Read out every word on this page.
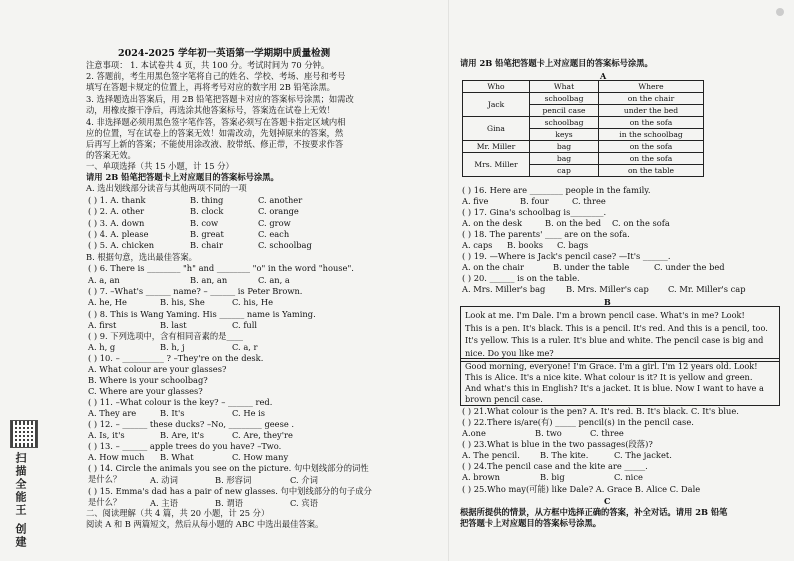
2024-2025 学年初一英语第一学期期中质量检测
注意事项： 1. 本试卷共 4 页，共 100 分。考试时间为 70 分钟。
2. 答题前，考生用黑色签字笔将自己的姓名、学校、考场、座号和考号
填写在答题卡规定的位置上，再将考号对应的数字用 2B 铅笔涂黑。
3. 选择题选出答案后，用 2B 铅笔把答题卡对应的答案标号涂黑；如需改
动，用橡皮擦干净后，再选涂其他答案标号，答案选在试卷上无效！
4. 非选择题必须用黑色签字笔作答，答案必须写在答题卡指定区域内相
应的位置，写在试卷上的答案无效！如需改动，先划掉原来的答案，然
后再写上新的答案；不能使用涂改液、胶带纸、修正带，不按要求作答
的答案无效。
一、单项选择（共 15 小题，计 15 分）
请用 2B 铅笔把答题卡上对应题目的答案标号涂黑。
A. 选出划线部分读音与其他两项不同的一项
( ) 1. A. thank	B. thing	C. another
( ) 2. A. other	B. clock	C. orange
( ) 3. A. down	B. cow	C. grow
( ) 4. A. please	B. great	C. each
( ) 5. A. chicken	B. chair	C. schoolbag
B. 根据句意，选出最佳答案。
( ) 6. There is ________ "h" and ________ "o" in the word "house".
A. a, an	B. an, an	C. an, a
( ) 7. –What's ______ name? – ______ is Peter Brown.
A. he, He	B. his, She	C. his, He
( ) 8. This is Wang Yaming. His ______ name is Yaming.
A. first	B. last	C. full
( ) 9. 下列选项中，含有相同音素的是____
A. h, g	B. h, j	C. a, r
( ) 10. – __________ ? –They're on the desk.
A. What colour are your glasses?
B. Where is your schoolbag?
C. Where are your glasses?
( ) 11. –What colour is the key? – ______ red.
A. They are	B. It's	C. He is
( ) 12. – ______ these ducks? –No, ________ geese .
A. Is, it's	B. Are, it's	C. Are, they're
( ) 13. – ______ apple trees do you have? –Two.
A. How much B. What	C. How many
( ) 14. Circle the animals you see on the picture. 句中划线部分的词性
是什么？	A. 动词	B. 形容词	C. 介词
( ) 15. Emma's dad has a pair of new glasses. 句中划线部分的句子成分
是什么？	A. 主语	B. 谓语	C. 宾语
二、阅读理解（共 4 篇，共 20 小题，计 25 分）
阅读 A 和 B 两篇短文，然后从每小题的 ABC 中选出最佳答案。
扫描全能王 创建
请用 2B 铅笔把答题卡上对应题目的答案标号涂黑。
A
Who	What	Where
Jack	schoolbag	on the chair
	pencil case	under the bed
Gina	schoolbag	on the sofa
	keys	in the schoolbag
Mr. Miller	bag	on the sofa
Mrs. Miller	bag	on the sofa
	cap	on the table
( ) 16. Here are ________ people in the family.
A. five	B. four	C. three
( ) 17. Gina's schoolbag is________.
A. on the desk	B. on the bed C. on the sofa
( ) 18. The parents' ____ are on the sofa.
A. caps B. books C. bags
( ) 19. —Where is Jack's pencil case? —It's ______.
A. on the chair	B. under the table	C. under the bed
( ) 20. ______ is on the table.
A. Mrs. Miller's bag B. Mrs. Miller's cap C. Mr. Miller's cap
B
Look at me. I'm Dale. I'm a brown pencil case. What's in me? Look!
This is a pen. It's black. This is a pencil. It's red. And this is a pencil, too.
It's yellow. This is a ruler. It's blue and white. The pencil case is big and
nice. Do you like me?
Good morning, everyone! I'm Grace. I'm a girl. I'm 12 years old. Look!
This is Alice. It's a nice kite. What colour is it? It is yellow and green.
And what's this in English? It's a jacket. It is blue. Now I want to have a
brown pencil case.
( ) 21.What colour is the pen? A. It's red. B. It's black. C. It's blue.
( ) 22.There is/are(有) _____ pencil(s) in the pencil case.
A.one	B. two	C. three
( ) 23.What is blue in the two passages(段落)?
A. The pencil. B. The kite.	C. The jacket.
( ) 24.The pencil case and the kite are _____.
A. brown	B. big	C. nice
( ) 25.Who may(可能) like Dale? A. Grace B. Alice C. Dale
C
根据所提供的情景，从方框中选择正确的答案，补全对话。请用 2B 铅笔
把答题卡上对应题目的答案标号涂黑。
